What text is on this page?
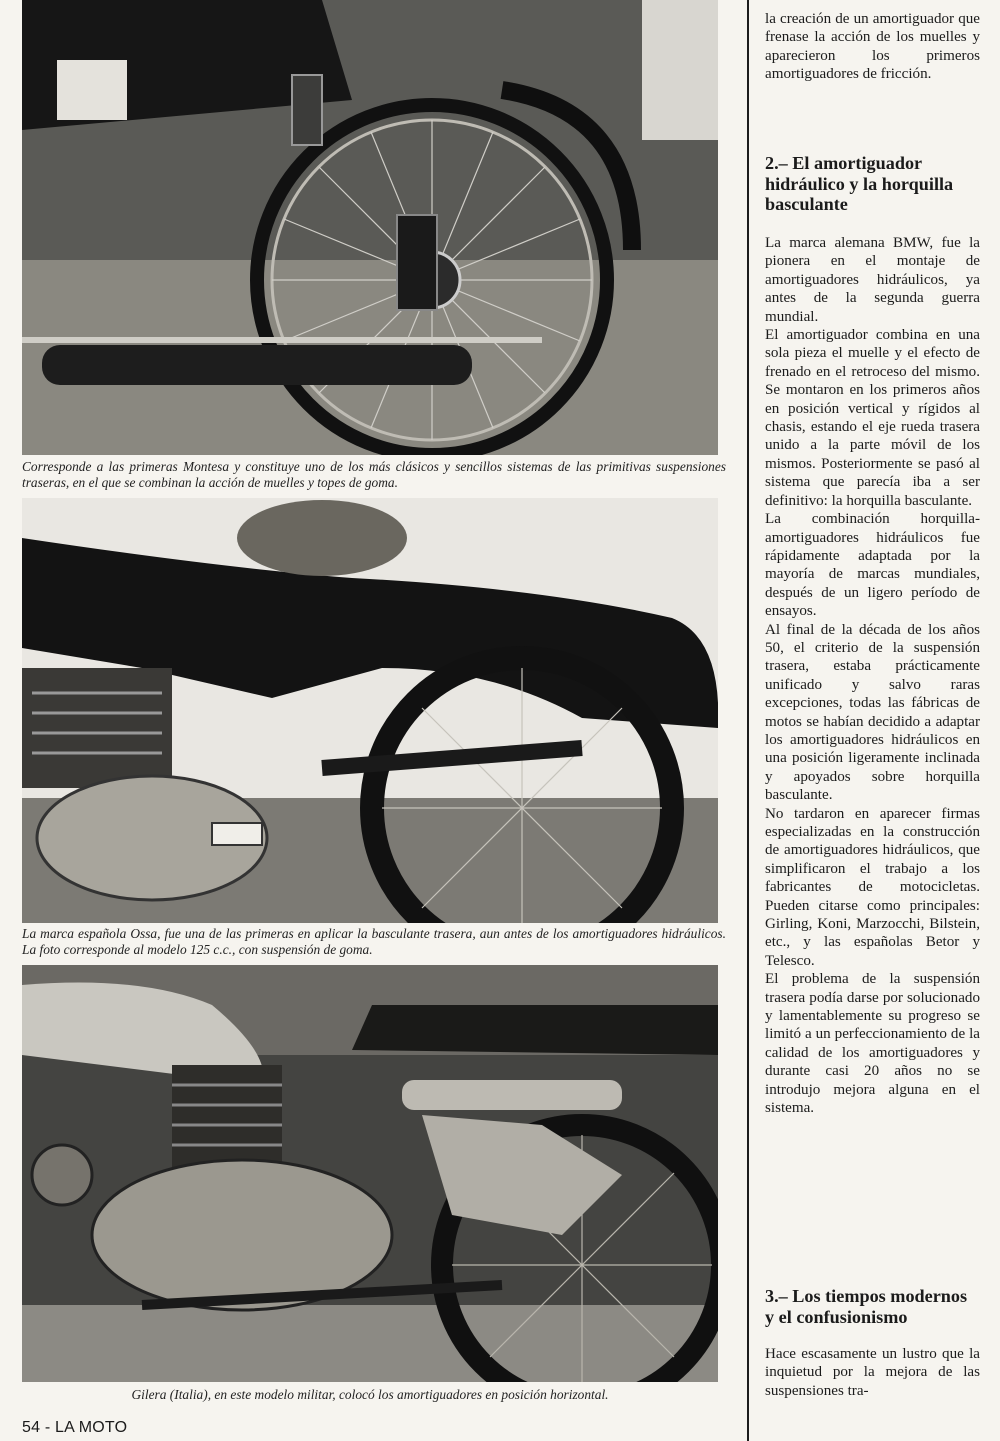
Corresponde a las primeras Montesa y constituye uno de los más clásicos y sencillos sistemas de las primitivas suspensiones traseras, en el que se combinan la acción de muelles y topes de goma.
La marca española Ossa, fue una de las primeras en aplicar la basculante trasera, aun antes de los amortiguadores hidráulicos. La foto corresponde al modelo 125 c.c., con suspensión de goma.
Gilera (Italia), en este modelo militar, colocó los amortiguadores en posición horizontal.

la creación de un amortiguador que frenase la acción de los muelles y aparecieron los primeros amortiguadores de fricción.

2.– El amortiguador hidráulico y la horquilla basculante

La marca alemana BMW, fue la pionera en el montaje de amortiguadores hidráulicos, ya antes de la segunda guerra mundial.

El amortiguador combina en una sola pieza el muelle y el efecto de frenado en el retroceso del mismo. Se montaron en los primeros años en posición vertical y rígidos al chasis, estando el eje rueda trasera unido a la parte móvil de los mismos. Posteriormente se pasó al sistema que parecía iba a ser definitivo: la horquilla basculante.

La combinación horquilla-amortiguadores hidráulicos fue rápidamente adaptada por la mayoría de marcas mundiales, después de un ligero período de ensayos.

Al final de la década de los años 50, el criterio de la suspensión trasera, estaba prácticamente unificado y salvo raras excepciones, todas las fábricas de motos se habían decidido a adaptar los amortiguadores hidráulicos en una posición ligeramente inclinada y apoyados sobre horquilla basculante.

No tardaron en aparecer firmas especializadas en la construcción de amortiguadores hidráulicos, que simplificaron el trabajo a los fabricantes de motocicletas. Pueden citarse como principales: Girling, Koni, Marzocchi, Bilstein, etc., y las españolas Betor y Telesco.

El problema de la suspensión trasera podía darse por solucionado y lamentablemente su progreso se limitó a un perfeccionamiento de la calidad de los amortiguadores y durante casi 20 años no se introdujo mejora alguna en el sistema.

3.– Los tiempos modernos y el confusionismo

Hace escasamente un lustro que la inquietud por la mejora de las suspensiones tra-

54 - LA MOTO
